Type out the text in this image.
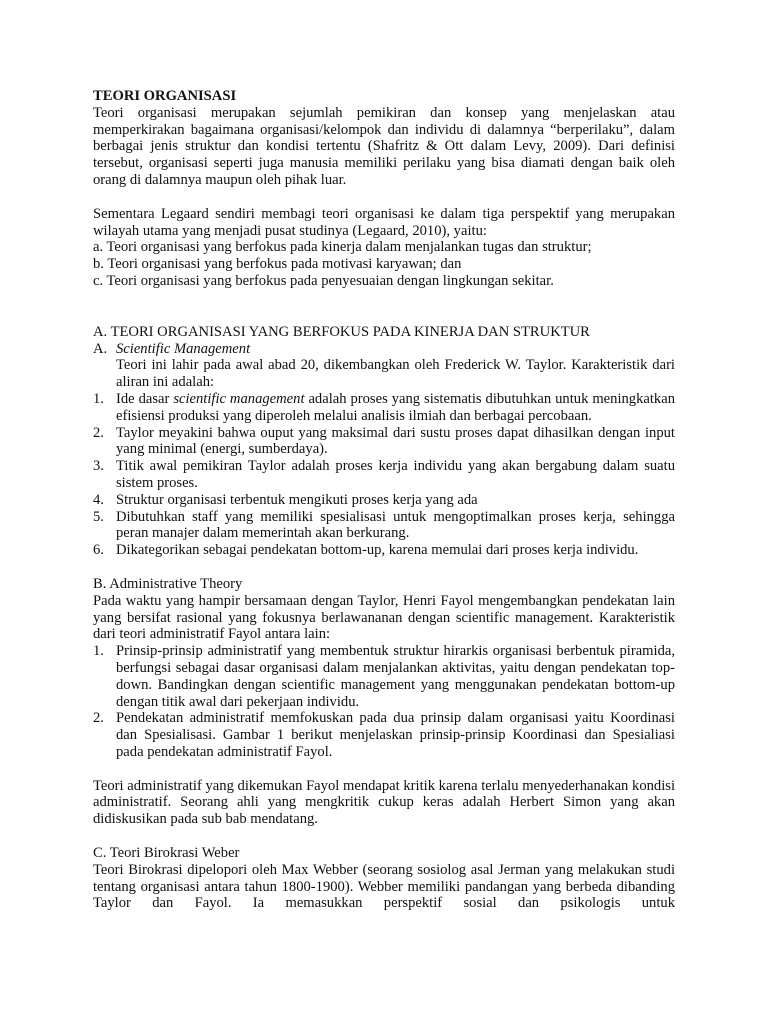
TEORI ORGANISASI

Teori organisasi merupakan sejumlah pemikiran dan konsep yang menjelaskan atau memperkirakan bagaimana organisasi/kelompok dan individu di dalamnya “berperilaku”, dalam berbagai jenis struktur dan kondisi tertentu (Shafritz & Ott dalam Levy, 2009). Dari definisi tersebut, organisasi seperti juga manusia memiliki perilaku yang bisa diamati dengan baik oleh orang di dalamnya maupun oleh pihak luar.

Sementara Legaard sendiri membagi teori organisasi ke dalam tiga perspektif yang merupakan wilayah utama yang menjadi pusat studinya (Legaard, 2010), yaitu:

a. Teori organisasi yang berfokus pada kinerja dalam menjalankan tugas dan struktur;

b. Teori organisasi yang berfokus pada motivasi karyawan; dan

c. Teori organisasi yang berfokus pada penyesuaian dengan lingkungan sekitar.

A. TEORI ORGANISASI YANG BERFOKUS PADA KINERJA DAN STRUKTUR

A. Scientific Management

Teori ini lahir pada awal abad 20, dikembangkan oleh Frederick W. Taylor. Karakteristik dari aliran ini adalah:

1. Ide dasar scientific management adalah proses yang sistematis dibutuhkan untuk meningkatkan efisiensi produksi yang diperoleh melalui analisis ilmiah dan berbagai percobaan.
2. Taylor meyakini bahwa ouput yang maksimal dari sustu proses dapat dihasilkan dengan input yang minimal (energi, sumberdaya).
3. Titik awal pemikiran Taylor adalah proses kerja individu yang akan bergabung dalam suatu sistem proses.
4. Struktur organisasi terbentuk mengikuti proses kerja yang ada
5. Dibutuhkan staff yang memiliki spesialisasi untuk mengoptimalkan proses kerja, sehingga peran manajer dalam memerintah akan berkurang.
6. Dikategorikan sebagai pendekatan bottom-up, karena memulai dari proses kerja individu.

B. Administrative Theory

Pada waktu yang hampir bersamaan dengan Taylor, Henri Fayol mengembangkan pendekatan lain yang bersifat rasional yang fokusnya berlawananan dengan scientific management. Karakteristik dari teori administratif Fayol antara lain:

1. Prinsip-prinsip administratif yang membentuk struktur hirarkis organisasi berbentuk piramida, berfungsi sebagai dasar organisasi dalam menjalankan aktivitas, yaitu dengan pendekatan top-down. Bandingkan dengan scientific management yang menggunakan pendekatan bottom-up dengan titik awal dari pekerjaan individu.
2. Pendekatan administratif memfokuskan pada dua prinsip dalam organisasi yaitu Koordinasi dan Spesialisasi. Gambar 1 berikut menjelaskan prinsip-prinsip Koordinasi dan Spesialiasi pada pendekatan administratif Fayol.

Teori administratif yang dikemukan Fayol mendapat kritik karena terlalu menyederhanakan kondisi administratif. Seorang ahli yang mengkritik cukup keras adalah Herbert Simon yang akan didiskusikan pada sub bab mendatang.

C. Teori Birokrasi Weber

Teori Birokrasi dipelopori oleh Max Webber (seorang sosiolog asal Jerman yang melakukan studi tentang organisasi antara tahun 1800-1900). Webber memiliki pandangan yang berbeda dibanding Taylor dan Fayol. Ia memasukkan perspektif sosial dan psikologis untuk
